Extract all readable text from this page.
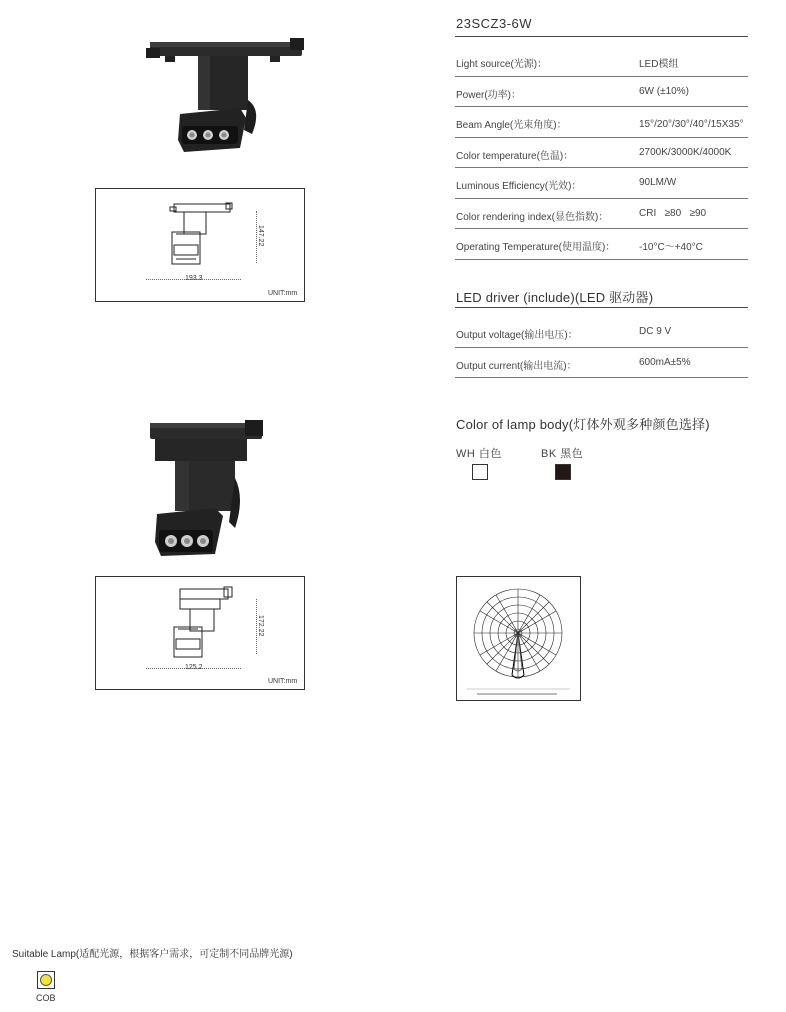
147.22
193.3
UNIT:mm
172.22
125.2
UNIT:mm
23SCZ3-6W
Light source(光源)：	LED模组
Power(功率)：	6W (±10%)
Beam Angle(光束角度)：	15°/20°/30°/40°/15X35°
Color temperature(色温)：	2700K/3000K/4000K
Luminous Efficiency(光效)：	90LM/W
Color rendering index(显色指数)：	CRI   ≥80   ≥90
Operating Temperature(使用温度)： -10°C～+40°C
LED driver (include)(LED 驱动器)
Output voltage(输出电压)：	DC 9 V
Output current(输出电流)：	600mA±5%
Color of lamp body(灯体外观多种颜色选择)
WH 白色	BK 黑色
Suitable Lamp(适配光源，根据客户需求，可定制不同品牌光源)
COB
